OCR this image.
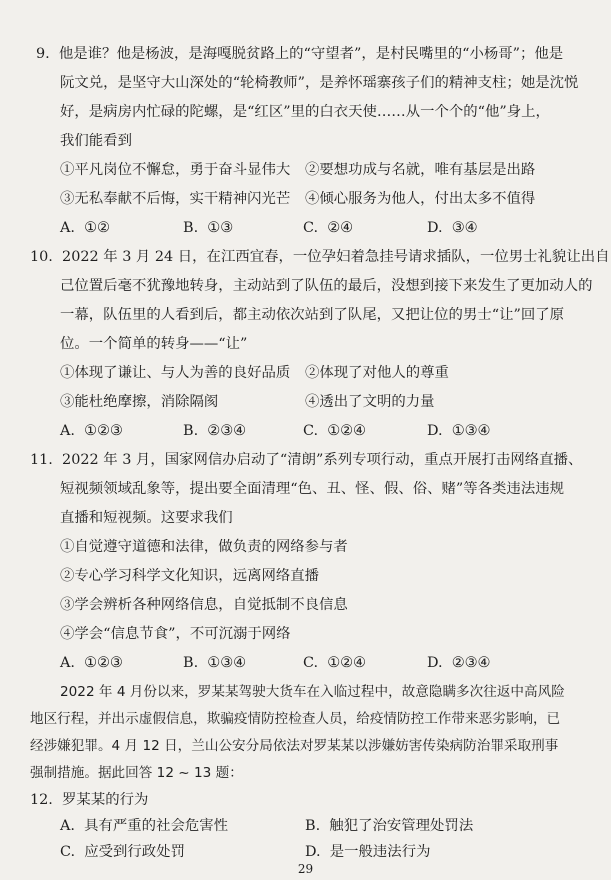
9.  他是谁？他是杨波，是海嘎脱贫路上的“守望者”，是村民嘴里的“小杨哥”；他是
阮文兑，是坚守大山深处的“轮椅教师”，是养怀瑶寨孩子们的精神支柱；她是沈悦
好，是病房内忙碌的陀螺，是“红区”里的白衣天使……从一个个的“他”身上，
我们能看到
①平凡岗位不懈怠，勇于奋斗显伟大 ②要想功成与名就，唯有基层是出路
③无私奉献不后悔，实干精神闪光芒 ④倾心服务为他人，付出太多不值得
A.  ①②	B.  ①③	C.  ②④	D.  ③④
10.  2022 年 3 月 24 日，在江西宜春，一位孕妇着急挂号请求插队，一位男士礼貌让出自
己位置后毫不犹豫地转身，主动站到了队伍的最后，没想到接下来发生了更加动人的
一幕，队伍里的人看到后，都主动依次站到了队尾，又把让位的男士“让”回了原
位。一个简单的转身——“让”
①体现了谦让、与人为善的良好品质 ②体现了对他人的尊重
③能杜绝摩擦，消除隔阂	④透出了文明的力量
A.  ①②③	B.  ②③④	C.  ①②④	D.  ①③④
11.  2022 年 3 月，国家网信办启动了“清朗”系列专项行动，重点开展打击网络直播、
短视频领域乱象等，提出要全面清理“色、丑、怪、假、俗、赌”等各类违法违规
直播和短视频。这要求我们
①自觉遵守道德和法律，做负责的网络参与者
②专心学习科学文化知识，远离网络直播
③学会辨析各种网络信息，自觉抵制不良信息
④学会“信息节食”，不可沉溺于网络
A.  ①②③	B.  ①③④	C.  ①②④	D.  ②③④
2022 年 4 月份以来，罗某某驾驶大货车在入临过程中，故意隐瞒多次往返中高风险
地区行程，并出示虚假信息，欺骗疫情防控检查人员，给疫情防控工作带来恶劣影响，已
经涉嫌犯罪。4 月 12 日，兰山公安分局依法对罗某某以涉嫌妨害传染病防治罪采取刑事
强制措施。据此回答 12 ~ 13 题：
12.  罗某某的行为
29
A.  具有严重的社会危害性	B.  触犯了治安管理处罚法
C.  应受到行政处罚	D.  是一般违法行为
